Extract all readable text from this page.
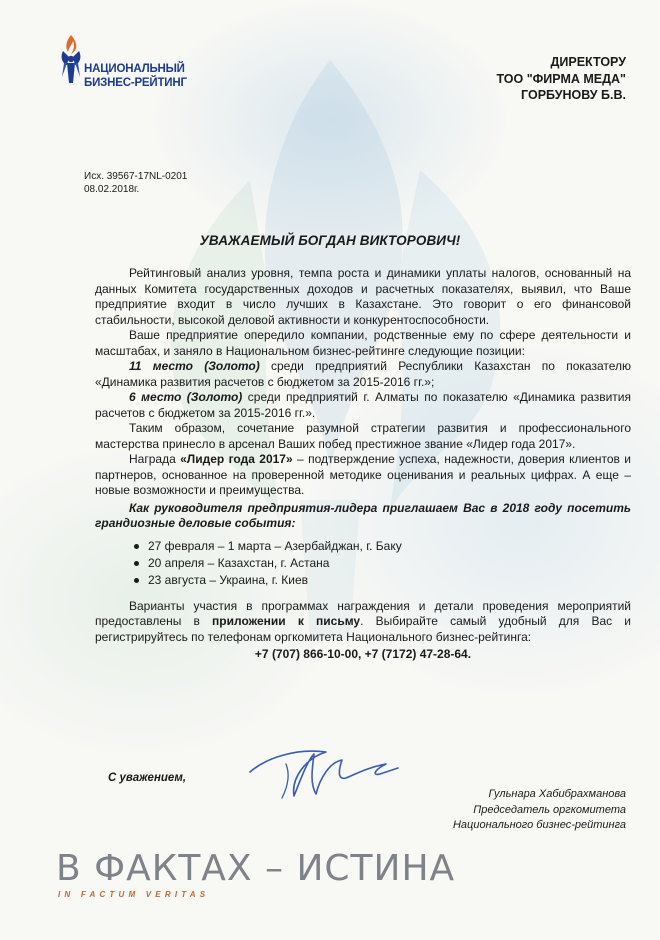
НАЦИОНАЛЬНЫЙ
БИЗНЕС-РЕЙТИНГ
ДИРЕКТОРУ
ТОО "ФИРМА МЕДА"
ГОРБУНОВУ Б.В.
Исх. 39567-17NL-0201
08.02.2018г.
УВАЖАЕМЫЙ БОГДАН ВИКТОРОВИЧ!

Рейтинговый анализ уровня, темпа роста и динамики уплаты налогов, основанный на данных Комитета государственных доходов и расчетных показателях, выявил, что Ваше предприятие входит в число лучших в Казахстане. Это говорит о его финансовой стабильности, высокой деловой активности и конкурентоспособности.

Ваше предприятие опередило компании, родственные ему по сфере деятельности и масштабах, и заняло в Национальном бизнес-рейтинге следующие позиции:

11 место (Золото) среди предприятий Республики Казахстан по показателю «Динамика развития расчетов с бюджетом за 2015-2016 гг.»;

6 место (Золото) среди предприятий г. Алматы по показателю «Динамика развития расчетов с бюджетом за 2015-2016 гг.».

Таким образом, сочетание разумной стратегии развития и профессионального мастерства принесло в арсенал Ваших побед престижное звание «Лидер года 2017».

Награда «Лидер года 2017» – подтверждение успеха, надежности, доверия клиентов и партнеров, основанное на проверенной методике оценивания и реальных цифрах. А еще – новые возможности и преимущества.

Как руководителя предприятия-лидера приглашаем Вас в 2018 году посетить грандиозные деловые события:

27 февраля – 1 марта – Азербайджан, г. Баку
20 апреля – Казахстан, г. Астана
23 августа – Украина, г. Киев

Варианты участия в программах награждения и детали проведения мероприятий предоставлены в приложении к письму. Выбирайте самый удобный для Вас и регистрируйтесь по телефонам оргкомитета Национального бизнес-рейтинга:

+7 (707) 866-10-00, +7 (7172) 47-28-64.

С уважением,
Гульнара Хабибрахманова
Председатель оргкомитета
Национального бизнес-рейтинга
В ФАКТАХ – ИСТИНА
IN FACTUM VERITAS
